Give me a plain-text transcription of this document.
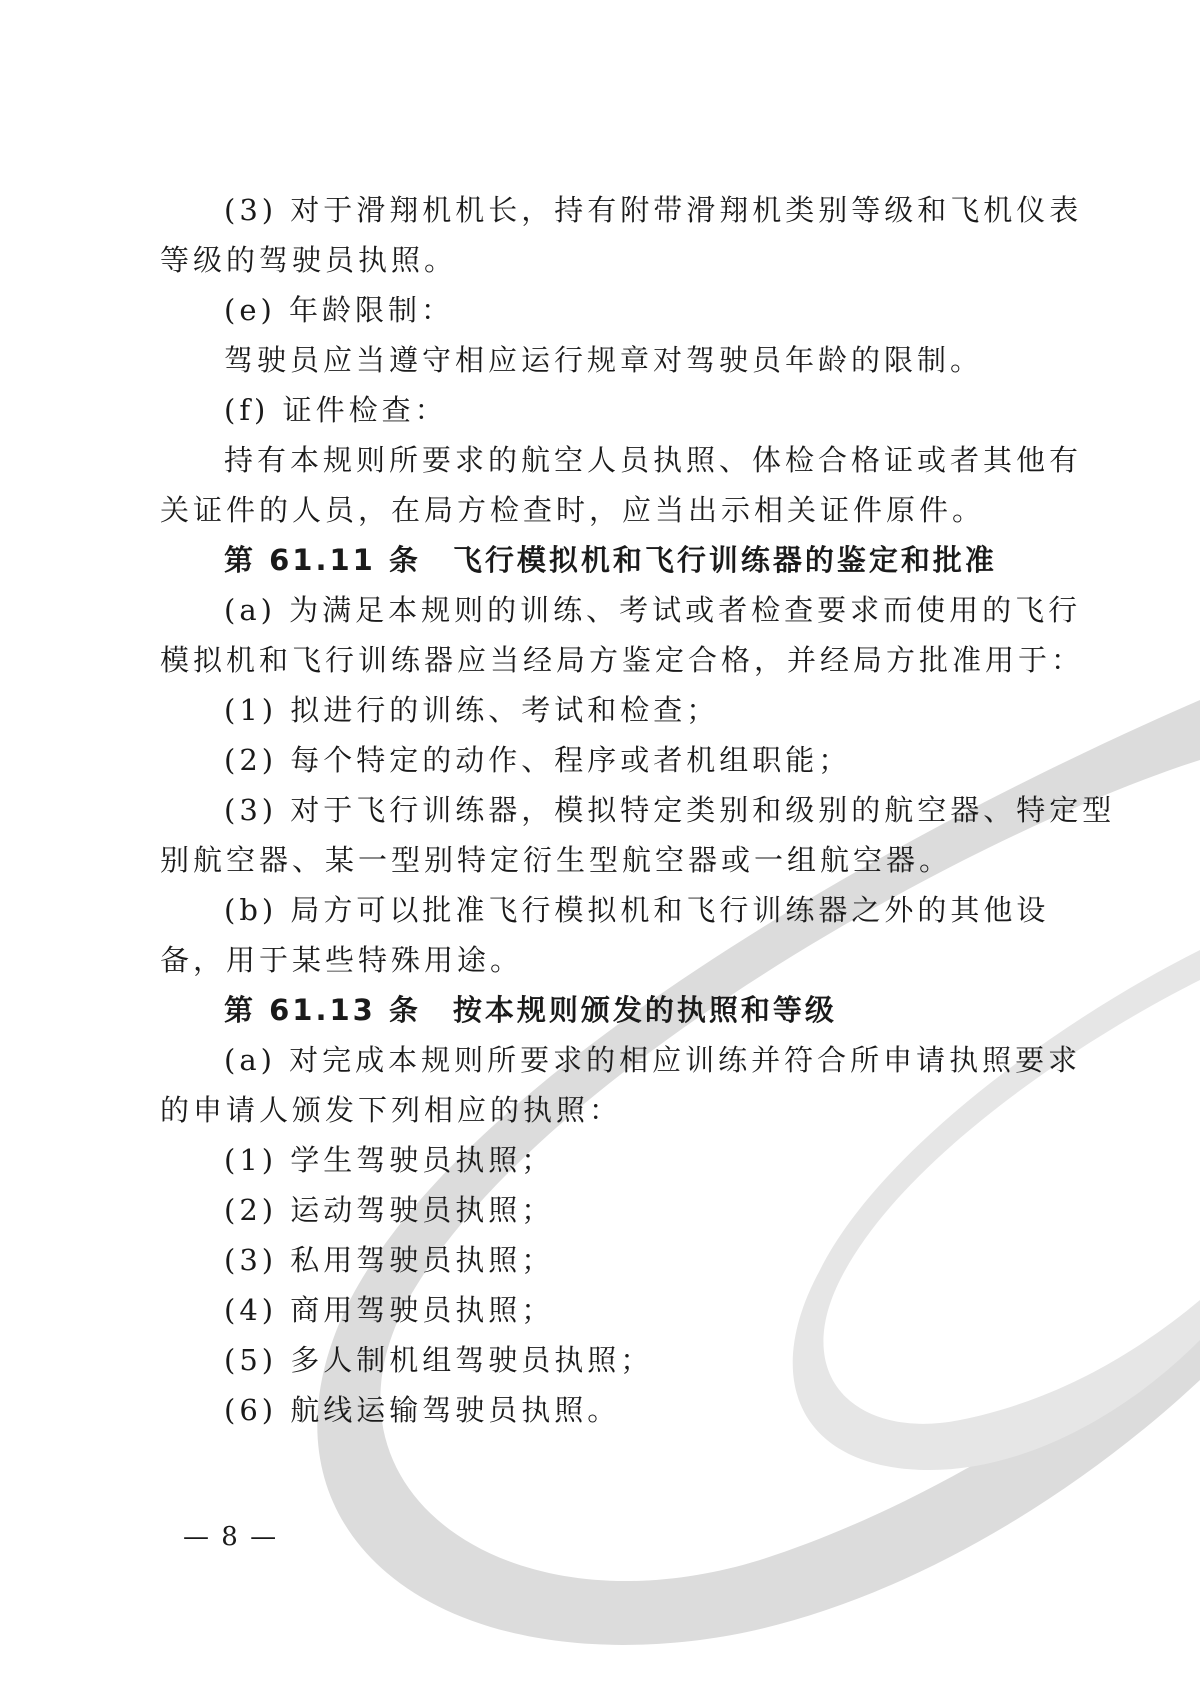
(3) 对于滑翔机机长，持有附带滑翔机类别等级和飞机仪表
等级的驾驶员执照。
(e) 年龄限制：
驾驶员应当遵守相应运行规章对驾驶员年龄的限制。
(f) 证件检查：
持有本规则所要求的航空人员执照、体检合格证或者其他有
关证件的人员，在局方检查时，应当出示相关证件原件。
第 61.11 条　飞行模拟机和飞行训练器的鉴定和批准
(a) 为满足本规则的训练、考试或者检查要求而使用的飞行
模拟机和飞行训练器应当经局方鉴定合格，并经局方批准用于：
(1) 拟进行的训练、考试和检查；
(2) 每个特定的动作、程序或者机组职能；
(3) 对于飞行训练器，模拟特定类别和级别的航空器、特定型
别航空器、某一型别特定衍生型航空器或一组航空器。
(b) 局方可以批准飞行模拟机和飞行训练器之外的其他设
备，用于某些特殊用途。
第 61.13 条　按本规则颁发的执照和等级
(a) 对完成本规则所要求的相应训练并符合所申请执照要求
的申请人颁发下列相应的执照：
(1) 学生驾驶员执照；
(2) 运动驾驶员执照；
(3) 私用驾驶员执照；
(4) 商用驾驶员执照；
(5) 多人制机组驾驶员执照；
(6) 航线运输驾驶员执照。
— 8 —
